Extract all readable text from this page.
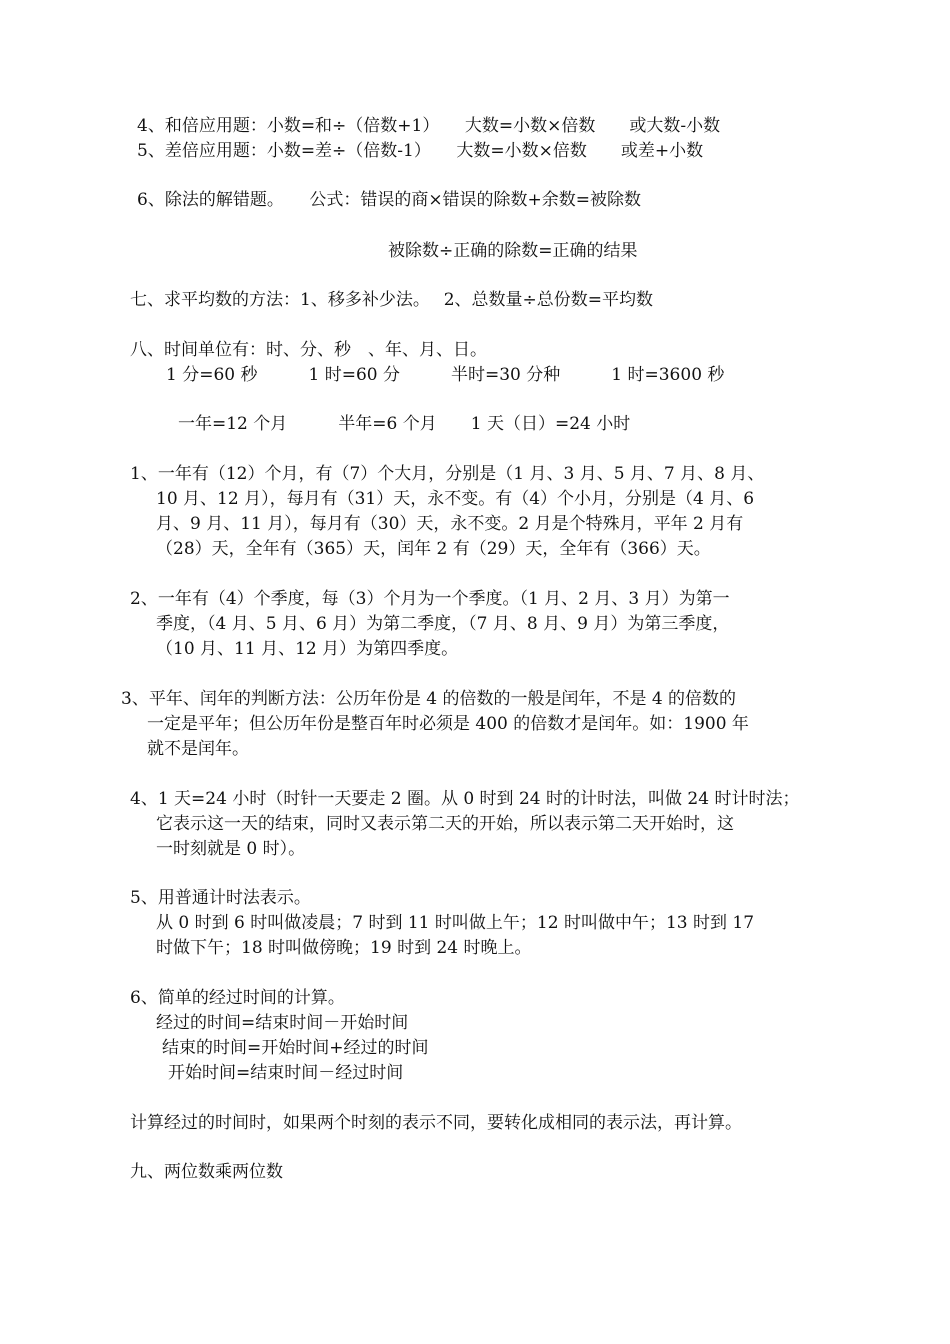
4、和倍应用题：小数=和÷（倍数+1）　　大数=小数×倍数　　或大数-小数
5、差倍应用题：小数=差÷（倍数-1）　　大数=小数×倍数　　或差+小数
6、除法的解错题。　　公式：错误的商×错误的除数+余数=被除数
被除数÷正确的除数=正确的结果
七、求平均数的方法：1、移多补少法。　 2、总数量÷总份数=平均数
八、时间单位有：时、分、秒　、年、月、日。
1 分=60 秒　　　1 时=60 分　　　半时=30 分种　　　1 时=3600 秒
一年=12 个月　　　半年=6 个月　　1 天（日）=24 小时
1、一年有（12）个月，有（7）个大月，分别是（1 月、3 月、5 月、7 月、8 月、
10 月、12 月），每月有（31）天，永不变。有（4）个小月，分别是（4 月、6
月、9 月、11 月），每月有（30）天，永不变。2 月是个特殊月，平年 2 月有
（28）天，全年有（365）天，闰年 2 有（29）天，全年有（366）天。
2、一年有（4）个季度，每（3）个月为一个季度。（1 月、2 月、3 月）为第一
季度，（4 月、5 月、6 月）为第二季度，（7 月、8 月、9 月）为第三季度，
（10 月、11 月、12 月）为第四季度。
3、平年、闰年的判断方法：公历年份是 4 的倍数的一般是闰年，不是 4 的倍数的
一定是平年；但公历年份是整百年时必须是 400 的倍数才是闰年。如：1900 年
就不是闰年。
4、1 天=24 小时（时针一天要走 2 圈。从 0 时到 24 时的计时法，叫做 24 时计时法；
它表示这一天的结束，同时又表示第二天的开始，所以表示第二天开始时，这
一时刻就是 0 时）。
5、用普通计时法表示。
从 0 时到 6 时叫做凌晨；7 时到 11 时叫做上午；12 时叫做中午；13 时到 17
时做下午；18 时叫做傍晚；19 时到 24 时晚上。
6、简单的经过时间的计算。
经过的时间=结束时间－开始时间
结束的时间=开始时间+经过的时间
开始时间=结束时间－经过时间
计算经过的时间时，如果两个时刻的表示不同，要转化成相同的表示法，再计算。
九、两位数乘两位数
